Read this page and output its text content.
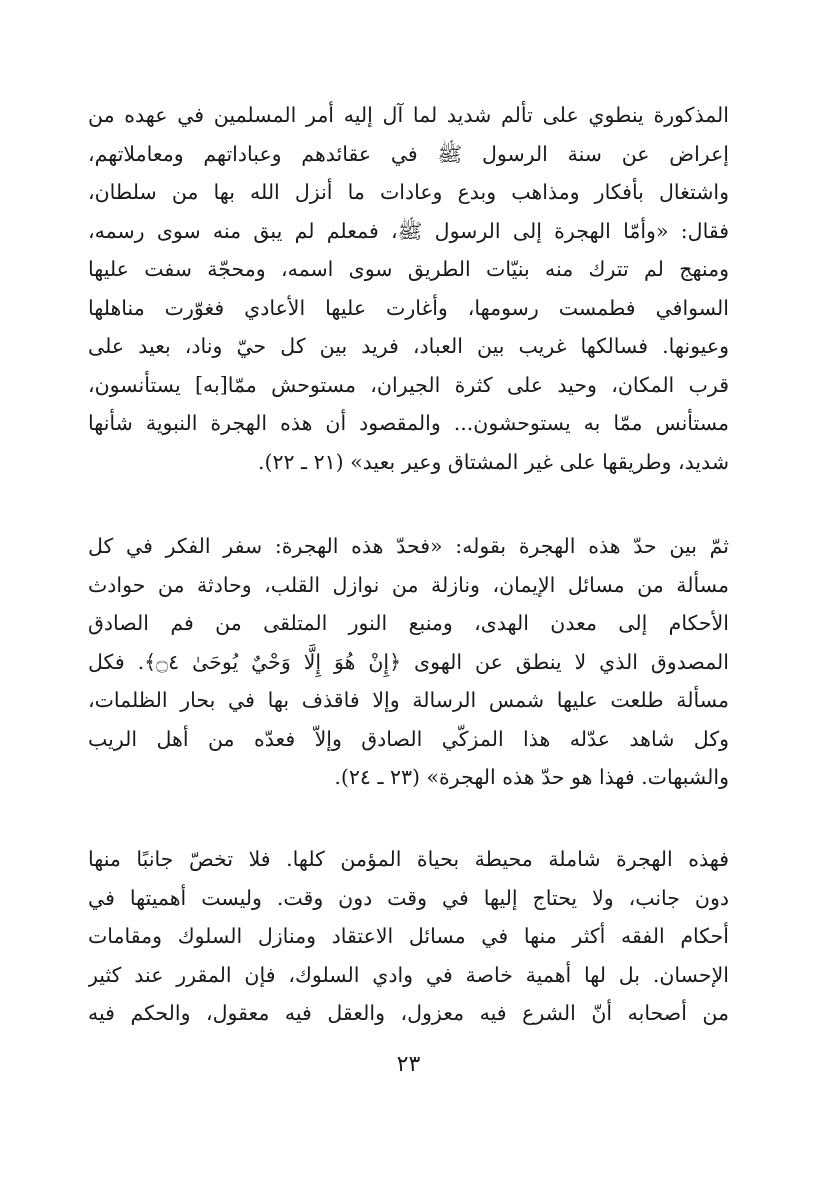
المذكورة ينطوي على تألم شديد لما آل إليه أمر المسلمين في عهده من
إعراض عن سنة الرسول ﷺ في عقائدهم وعباداتهم ومعاملاتهم،
واشتغال بأفكار ومذاهب وبدع وعادات ما أنزل الله بها من سلطان،
فقال: «وأمّا الهجرة إلى الرسول ﷺ، فمعلم لم يبق منه سوى رسمه،
ومنهج لم تترك منه بنيّات الطريق سوى اسمه، ومحجّة سفت عليها
السوافي فطمست رسومها، وأغارت عليها الأعادي فغوّرت مناهلها
وعيونها. فسالكها غريب بين العباد، فريد بين كل حيّ وناد، بعيد على
قرب المكان، وحيد على كثرة الجيران، مستوحش ممّا[به] يستأنسون،
مستأنس ممّا به يستوحشون... والمقصود أن هذه الهجرة النبوية شأنها
شديد، وطريقها على غير المشتاق وعير بعيد» (٢١ ـ ٢٢).
ثمّ بين حدّ هذه الهجرة بقوله: «فحدّ هذه الهجرة: سفر الفكر في كل
مسألة من مسائل الإيمان، ونازلة من نوازل القلب، وحادثة من حوادث
الأحكام إلى معدن الهدى، ومنبع النور المتلقى من فم الصادق
المصدوق الذي لا ينطق عن الهوى ﴿إِنْ هُوَ إِلَّا وَحْيٌ يُوحَىٰ ۝٤﴾. فكل
مسألة طلعت عليها شمس الرسالة وإلا فاقذف بها في بحار الظلمات،
وكل شاهد عدّله هذا المزكّي الصادق وإلاّ فعدّه من أهل الريب
والشبهات. فهذا هو حدّ هذه الهجرة» (٢٣ ـ ٢٤).
فهذه الهجرة شاملة محيطة بحياة المؤمن كلها. فلا تخصّ جانبًا منها
دون جانب، ولا يحتاج إليها في وقت دون وقت. وليست أهميتها في
أحكام الفقه أكثر منها في مسائل الاعتقاد ومنازل السلوك ومقامات
الإحسان. بل لها أهمية خاصة في وادي السلوك، فإن المقرر عند كثير
من أصحابه أنّ الشرع فيه معزول، والعقل فيه معقول، والحكم فيه
٢٣
